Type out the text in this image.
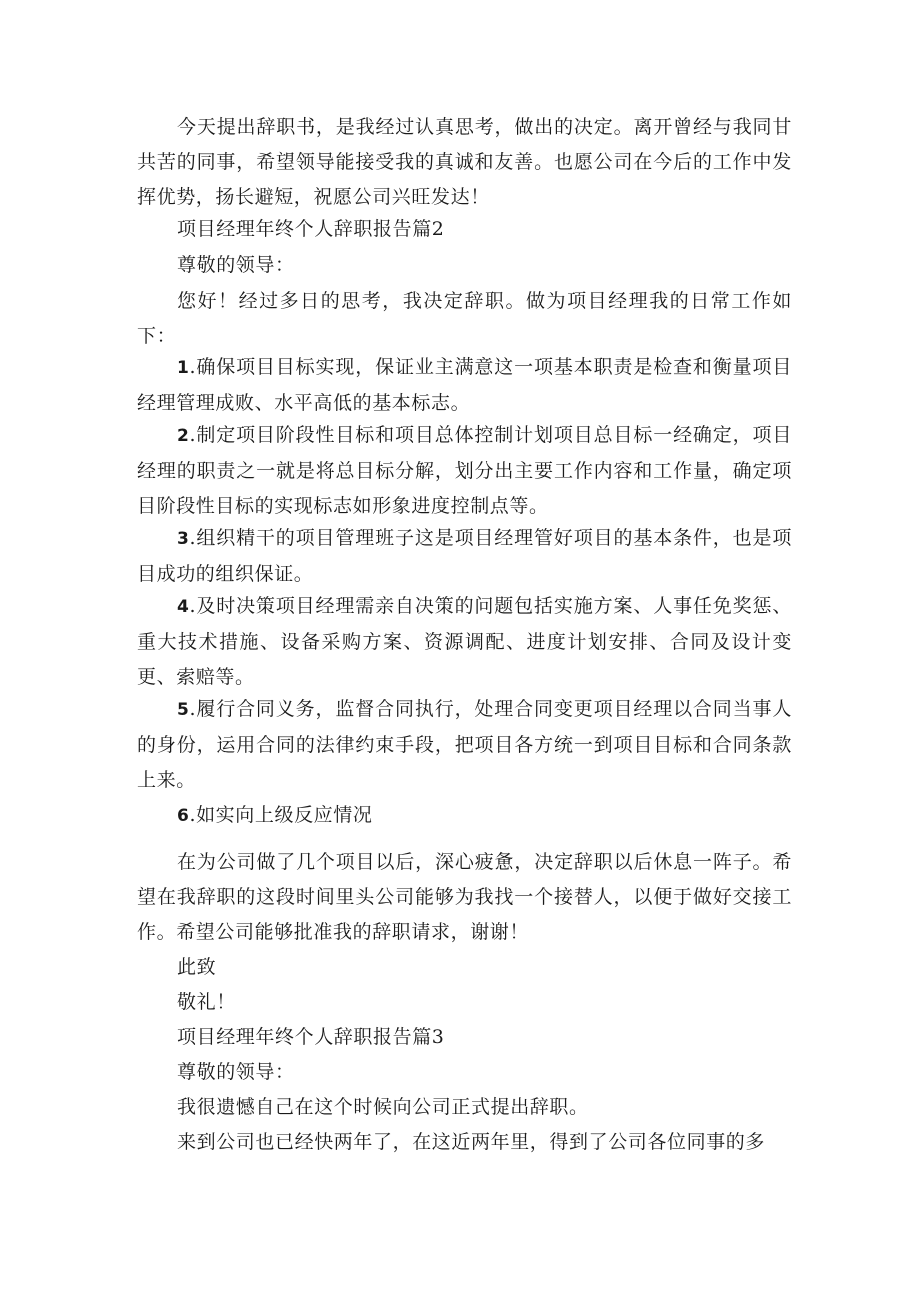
今天提出辞职书，是我经过认真思考，做出的决定。离开曾经与我同甘共苦的同事，希望领导能接受我的真诚和友善。也愿公司在今后的工作中发挥优势，扬长避短，祝愿公司兴旺发达！

项目经理年终个人辞职报告篇2

尊敬的领导：

您好！经过多日的思考，我决定辞职。做为项目经理我的日常工作如下：

1.确保项目目标实现，保证业主满意这一项基本职责是检查和衡量项目经理管理成败、水平高低的基本标志。

2.制定项目阶段性目标和项目总体控制计划项目总目标一经确定，项目经理的职责之一就是将总目标分解，划分出主要工作内容和工作量，确定项目阶段性目标的实现标志如形象进度控制点等。

3.组织精干的项目管理班子这是项目经理管好项目的基本条件，也是项目成功的组织保证。

4.及时决策项目经理需亲自决策的问题包括实施方案、人事任免奖惩、重大技术措施、设备采购方案、资源调配、进度计划安排、合同及设计变更、索赔等。

5.履行合同义务，监督合同执行，处理合同变更项目经理以合同当事人的身份，运用合同的法律约束手段，把项目各方统一到项目目标和合同条款上来。

6.如实向上级反应情况

在为公司做了几个项目以后，深心疲惫，决定辞职以后休息一阵子。希望在我辞职的这段时间里头公司能够为我找一个接替人，以便于做好交接工作。希望公司能够批准我的辞职请求，谢谢！

此致

敬礼！

项目经理年终个人辞职报告篇3

尊敬的领导：

我很遗憾自己在这个时候向公司正式提出辞职。

来到公司也已经快两年了，在这近两年里，得到了公司各位同事的多
